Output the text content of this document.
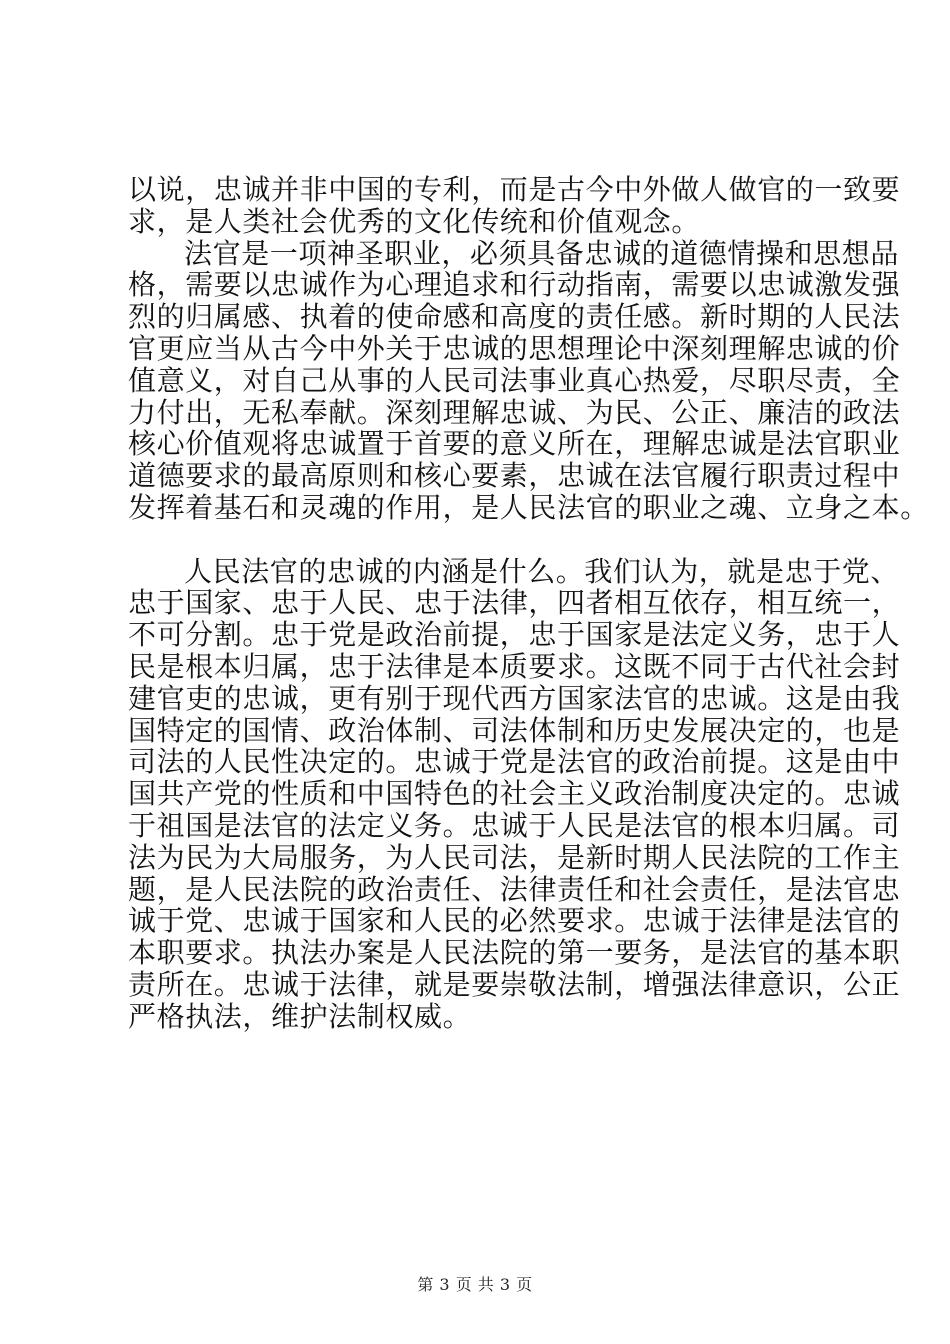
以说，忠诚并非中国的专利，而是古今中外做人做官的一致要
求，是人类社会优秀的文化传统和价值观念。
法官是一项神圣职业，必须具备忠诚的道德情操和思想品
格，需要以忠诚作为心理追求和行动指南，需要以忠诚激发强
烈的归属感、执着的使命感和高度的责任感。新时期的人民法
官更应当从古今中外关于忠诚的思想理论中深刻理解忠诚的价
值意义，对自己从事的人民司法事业真心热爱，尽职尽责，全
力付出，无私奉献。深刻理解忠诚、为民、公正、廉洁的政法
核心价值观将忠诚置于首要的意义所在，理解忠诚是法官职业
道德要求的最高原则和核心要素，忠诚在法官履行职责过程中
发挥着基石和灵魂的作用，是人民法官的职业之魂、立身之本。
人民法官的忠诚的内涵是什么。我们认为，就是忠于党、
忠于国家、忠于人民、忠于法律，四者相互依存，相互统一，
不可分割。忠于党是政治前提，忠于国家是法定义务，忠于人
民是根本归属，忠于法律是本质要求。这既不同于古代社会封
建官吏的忠诚，更有别于现代西方国家法官的忠诚。这是由我
国特定的国情、政治体制、司法体制和历史发展决定的，也是
司法的人民性决定的。忠诚于党是法官的政治前提。这是由中
国共产党的性质和中国特色的社会主义政治制度决定的。忠诚
于祖国是法官的法定义务。忠诚于人民是法官的根本归属。司
法为民为大局服务，为人民司法，是新时期人民法院的工作主
题，是人民法院的政治责任、法律责任和社会责任，是法官忠
诚于党、忠诚于国家和人民的必然要求。忠诚于法律是法官的
本职要求。执法办案是人民法院的第一要务，是法官的基本职
责所在。忠诚于法律，就是要崇敬法制，增强法律意识，公正
严格执法，维护法制权威。
第 3 页 共 3 页
